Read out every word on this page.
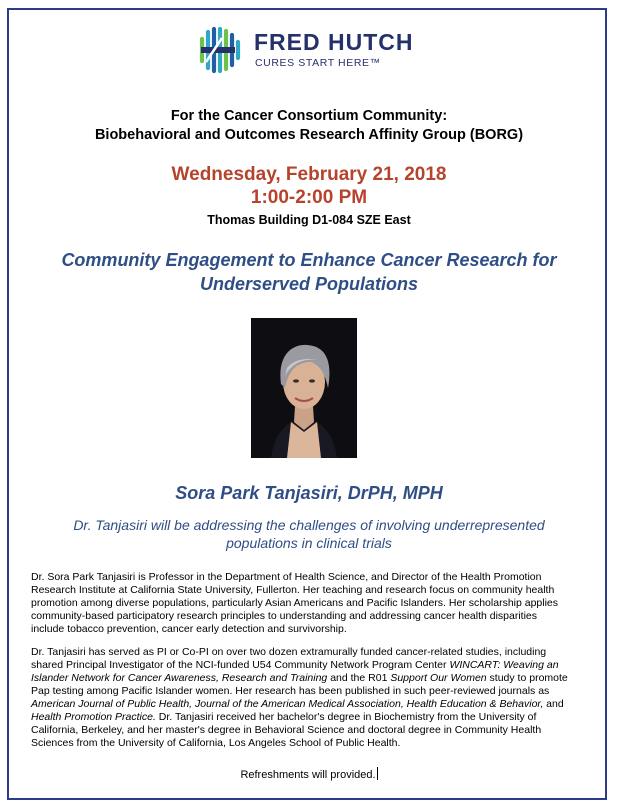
FRED HUTCH
CURES START HERE™
For the Cancer Consortium Community:
Biobehavioral and Outcomes Research Affinity Group (BORG)
Wednesday, February 21, 2018
1:00-2:00 PM
Thomas Building D1-084 SZE East
Community Engagement to Enhance Cancer Research for
Underserved Populations
Sora Park Tanjasiri, DrPH, MPH
Dr. Tanjasiri will be addressing the challenges of involving underrepresented
populations in clinical trials

Dr. Sora Park Tanjasiri is Professor in the Department of Health Science, and Director of the Health Promotion

Research Institute at California State University, Fullerton. Her teaching and research focus on community health

promotion among diverse populations, particularly Asian Americans and Pacific Islanders. Her scholarship applies

community-based participatory research principles to understanding and addressing cancer health disparities

include tobacco prevention, cancer early detection and survivorship.

Dr. Tanjasiri has served as PI or Co-PI on over two dozen extramurally funded cancer-related studies, including

shared Principal Investigator of the NCI-funded U54 Community Network Program Center WINCART: Weaving an

Islander Network for Cancer Awareness, Research and Training and the R01 Support Our Women study to promote

Pap testing among Pacific Islander women. Her research has been published in such peer-reviewed journals as

American Journal of Public Health, Journal of the American Medical Association, Health Education & Behavior, and

Health Promotion Practice. Dr. Tanjasiri received her bachelor's degree in Biochemistry from the University of

California, Berkeley, and her master's degree in Behavioral Science and doctoral degree in Community Health

Sciences from the University of California, Los Angeles School of Public Health.

Refreshments will provided.
